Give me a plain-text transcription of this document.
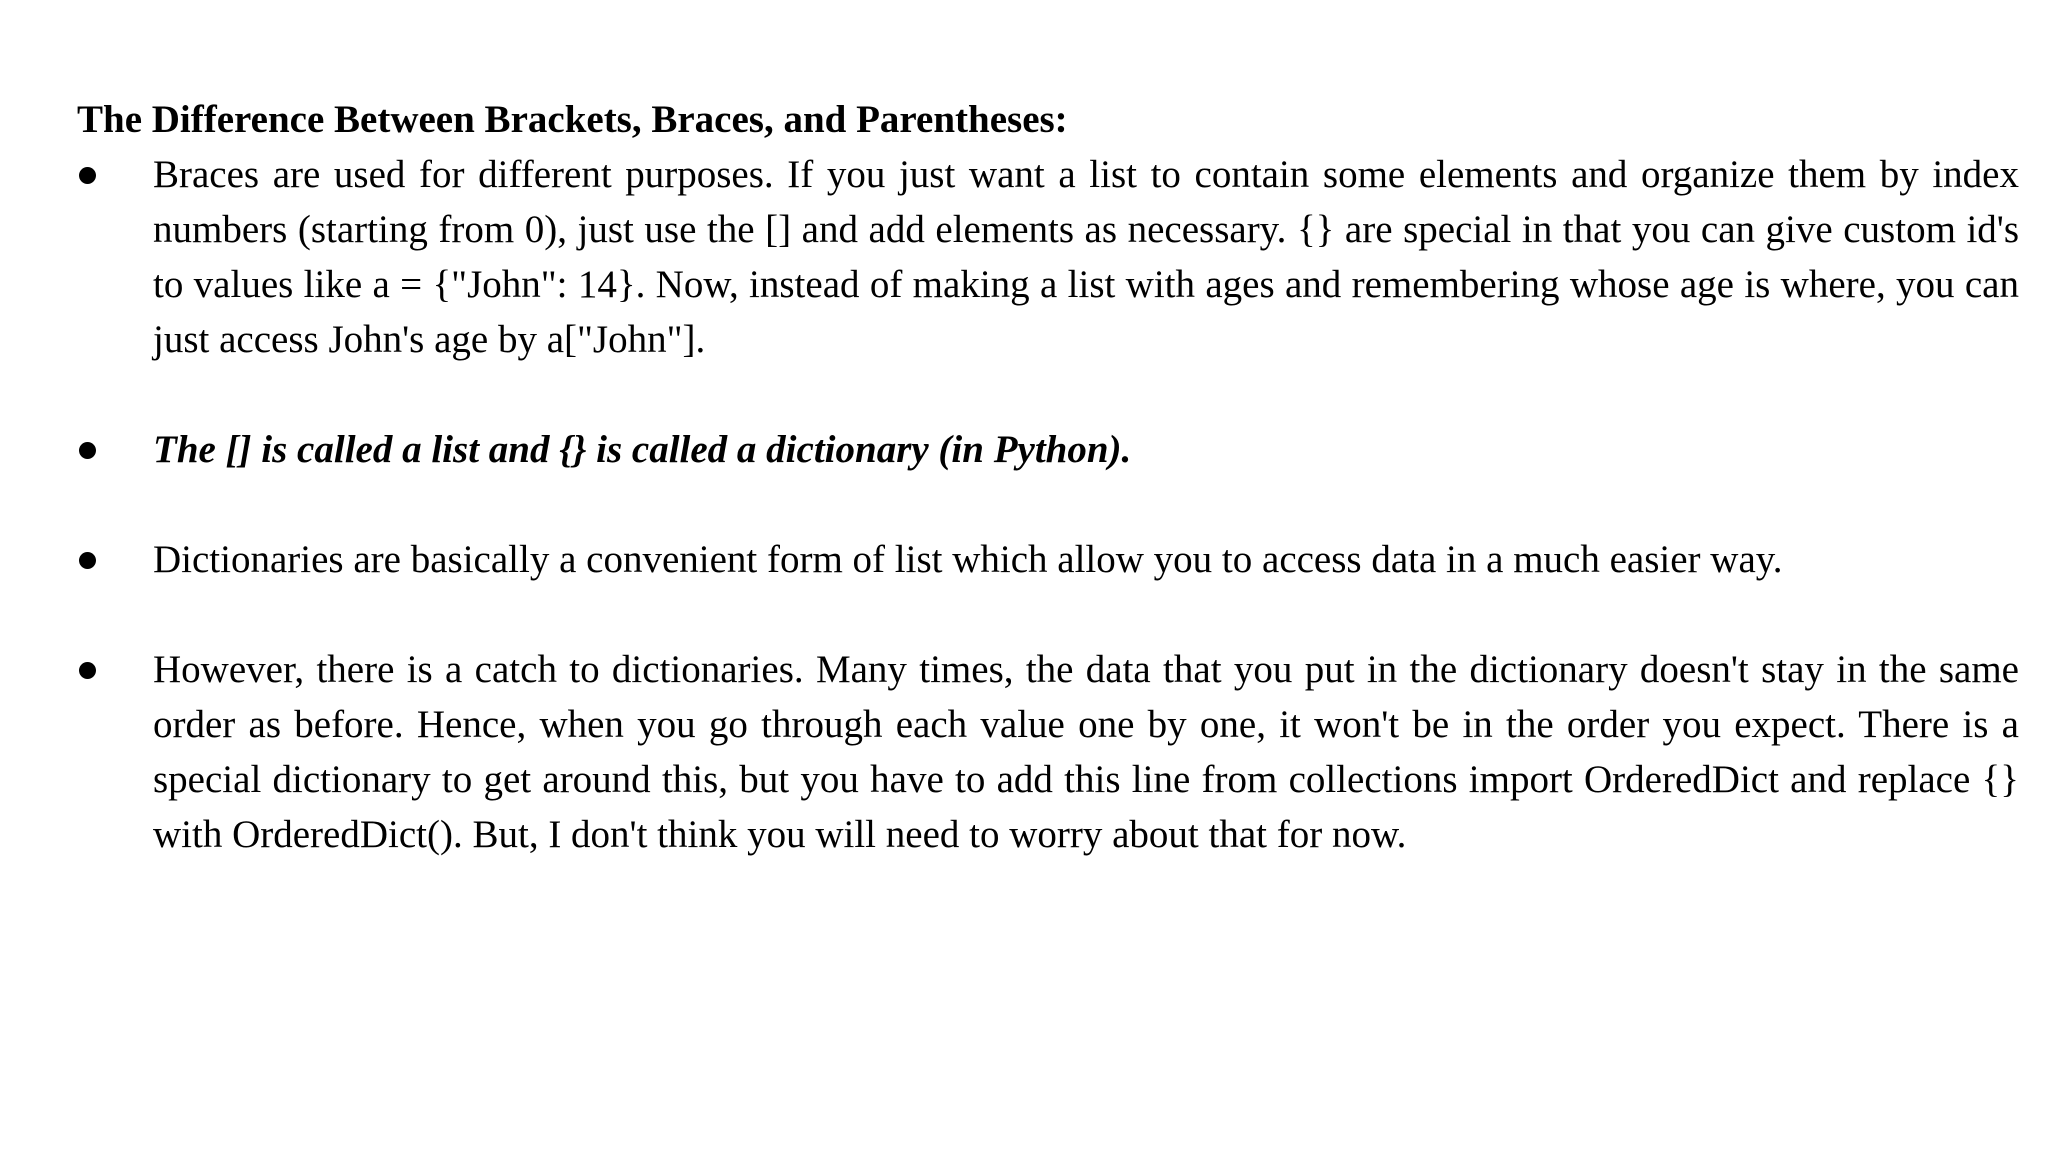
The Difference Between Brackets, Braces, and Parentheses:

Braces are used for different purposes. If you just want a list to contain some elements and organize them by index numbers (starting from 0), just use the [] and add elements as necessary. {} are special in that you can give custom id's to values like a = {"John": 14}. Now, instead of making a list with ages and remembering whose age is where, you can just access John's age by a["John"].
The [] is called a list and {} is called a dictionary (in Python).
Dictionaries are basically a convenient form of list which allow you to access data in a much easier way.
However, there is a catch to dictionaries. Many times, the data that you put in the dictionary doesn't stay in the same order as before. Hence, when you go through each value one by one, it won't be in the order you expect. There is a special dictionary to get around this, but you have to add this line from collections import OrderedDict and replace {} with OrderedDict(). But, I don't think you will need to worry about that for now.
